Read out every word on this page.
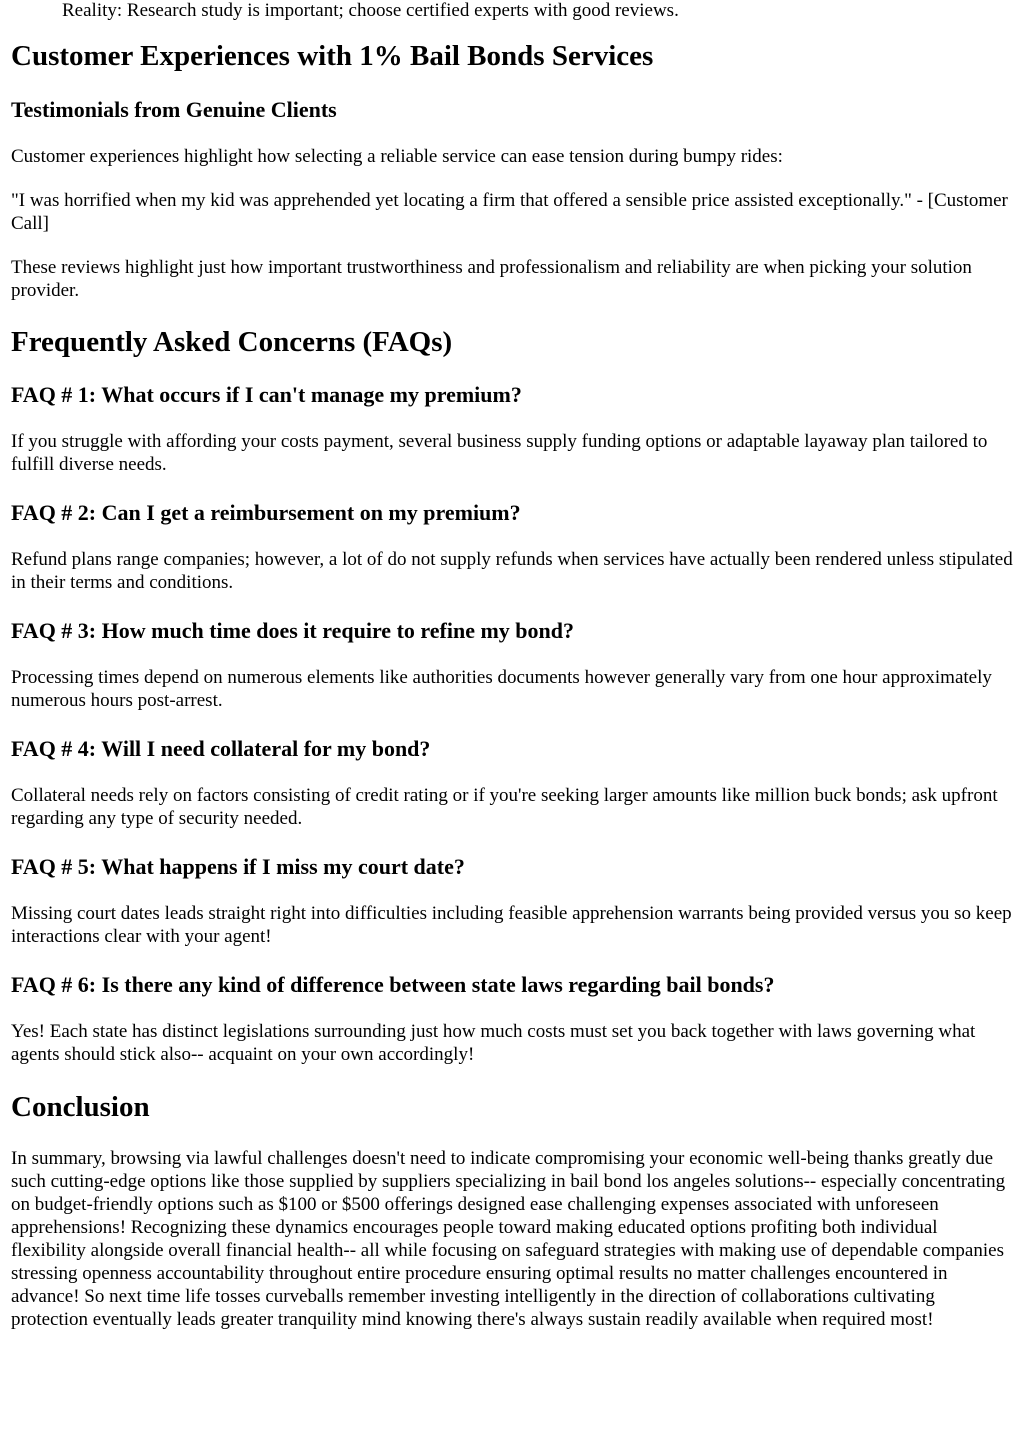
Reality: Research study is important; choose certified experts with good reviews.

Customer Experiences with 1% Bail Bonds Services
Testimonials from Genuine Clients

Customer experiences highlight how selecting a reliable service can ease tension during bumpy rides:

"I was horrified when my kid was apprehended yet locating a firm that offered a sensible price assisted exceptionally." - [Customer Call]

These reviews highlight just how important trustworthiness and professionalism and reliability are when picking your solution provider.

Frequently Asked Concerns (FAQs)
FAQ # 1: What occurs if I can't manage my premium?

If you struggle with affording your costs payment, several business supply funding options or adaptable layaway plan tailored to fulfill diverse needs.

FAQ # 2: Can I get a reimbursement on my premium?

Refund plans range companies; however, a lot of do not supply refunds when services have actually been rendered unless stipulated in their terms and conditions.

FAQ # 3: How much time does it require to refine my bond?

Processing times depend on numerous elements like authorities documents however generally vary from one hour approximately numerous hours post-arrest.

FAQ # 4: Will I need collateral for my bond?

Collateral needs rely on factors consisting of credit rating or if you're seeking larger amounts like million buck bonds; ask upfront regarding any type of security needed.

FAQ # 5: What happens if I miss my court date?

Missing court dates leads straight right into difficulties including feasible apprehension warrants being provided versus you so keep interactions clear with your agent!

FAQ # 6: Is there any kind of difference between state laws regarding bail bonds?

Yes! Each state has distinct legislations surrounding just how much costs must set you back together with laws governing what agents should stick also-- acquaint on your own accordingly!

Conclusion

In summary, browsing via lawful challenges doesn't need to indicate compromising your economic well-being thanks greatly due such cutting-edge options like those supplied by suppliers specializing in bail bond los angeles solutions-- especially concentrating on budget-friendly options such as $100 or $500 offerings designed ease challenging expenses associated with unforeseen apprehensions! Recognizing these dynamics encourages people toward making educated options profiting both individual flexibility alongside overall financial health-- all while focusing on safeguard strategies with making use of dependable companies stressing openness accountability throughout entire procedure ensuring optimal results no matter challenges encountered in advance! So next time life tosses curveballs remember investing intelligently in the direction of collaborations cultivating protection eventually leads greater tranquility mind knowing there's always sustain readily available when required most!
